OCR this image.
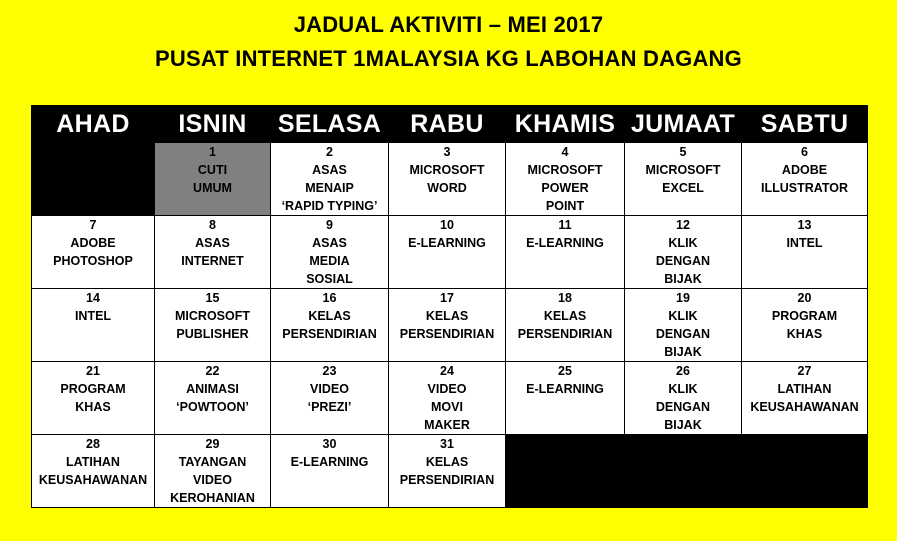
JADUAL AKTIVITI – MEI 2017
PUSAT INTERNET 1MALAYSIA KG LABOHAN DAGANG
AHAD	ISNIN	SELASA	RABU	KHAMIS	JUMAAT	SABTU

	1
CUTI
UMUM	2
ASAS
MENAIP
‘RAPID TYPING’	3
MICROSOFT
WORD	4
MICROSOFT
POWER
POINT	5
MICROSOFT
EXCEL	6
ADOBE
ILLUSTRATOR

7
ADOBE
PHOTOSHOP	8
ASAS
INTERNET	9
ASAS
MEDIA
SOSIAL	10
E-LEARNING	11
E-LEARNING	12
KLIK
DENGAN
BIJAK	13
INTEL

14
INTEL	15
MICROSOFT
PUBLISHER	16
KELAS
PERSENDIRIAN	17
KELAS
PERSENDIRIAN	18
KELAS
PERSENDIRIAN	19
KLIK
DENGAN
BIJAK	20
PROGRAM
KHAS

21
PROGRAM
KHAS	22
ANIMASI
‘POWTOON’	23
VIDEO
‘PREZI’	24
VIDEO
MOVI
MAKER	25
E-LEARNING	26
KLIK
DENGAN
BIJAK	27
LATIHAN
KEUSAHAWANAN

28
LATIHAN
KEUSAHAWANAN	29
TAYANGAN
VIDEO
KEROHANIAN	30
E-LEARNING	31
KELAS
PERSENDIRIAN			
